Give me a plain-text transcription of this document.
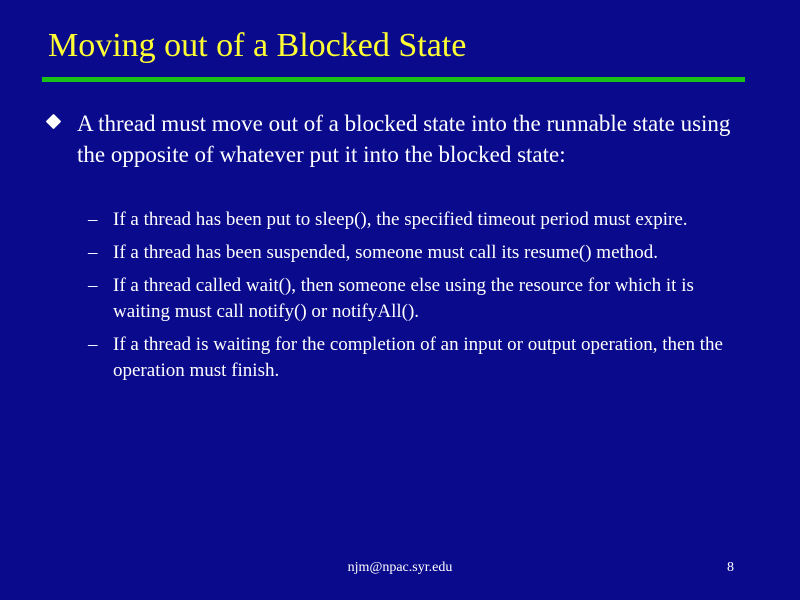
Moving out of a Blocked State
A thread must move out of a blocked state into the runnable state using the opposite of whatever put it into the blocked state:
– If a thread has been put to sleep(), the specified timeout period must expire.
– If a thread has been suspended, someone must call its resume() method.
– If a thread called wait(), then someone else using the resource for which it is waiting must call notify() or notifyAll().
– If a thread is waiting for the completion of an input or output operation, then the operation must finish.
njm@npac.syr.edu	8
